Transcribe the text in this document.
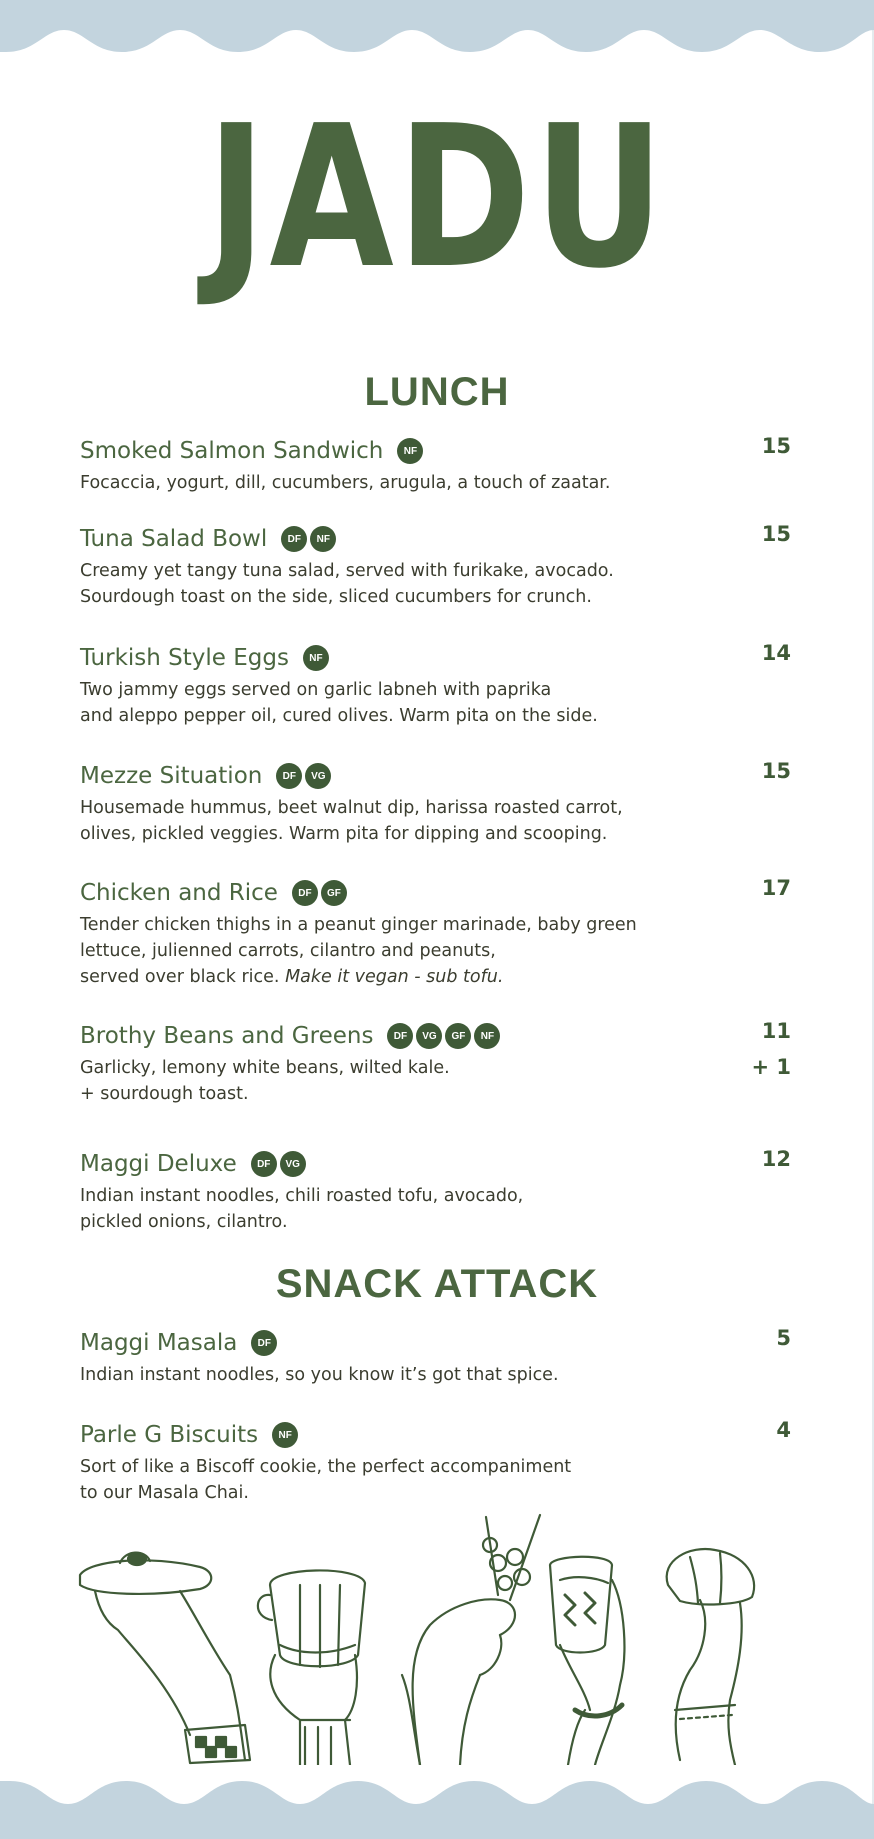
JADU
LUNCH
Smoked Salmon Sandwich	NF
Focaccia, yogurt, dill, cucumbers, arugula, a touch of zaatar.
15
Tuna Salad Bowl	DF	NF
Creamy yet tangy tuna salad, served with furikake, avocado.
Sourdough toast on the side, sliced cucumbers for crunch.
15
Turkish Style Eggs	NF
Two jammy eggs served on garlic labneh with paprika
and aleppo pepper oil, cured olives. Warm pita on the side.
14
Mezze Situation	DF	VG
Housemade hummus, beet walnut dip, harissa roasted carrot,
olives, pickled veggies. Warm pita for dipping and scooping.
15
Chicken and Rice	DF	GF
Tender chicken thighs in a peanut ginger marinade, baby green
lettuce, julienned carrots, cilantro and peanuts,
served over black rice. Make it vegan - sub tofu.
17
Brothy Beans and Greens	DF	VG	GF	NF
Garlicky, lemony white beans, wilted kale.
+ sourdough toast.
11
+ 1
Maggi Deluxe	DF	VG
Indian instant noodles, chili roasted tofu, avocado,
pickled onions, cilantro.
12
SNACK ATTACK
Maggi Masala	DF
Indian instant noodles, so you know it’s got that spice.
5
Parle G Biscuits	NF
Sort of like a Biscoff cookie, the perfect accompaniment
to our Masala Chai.
4
